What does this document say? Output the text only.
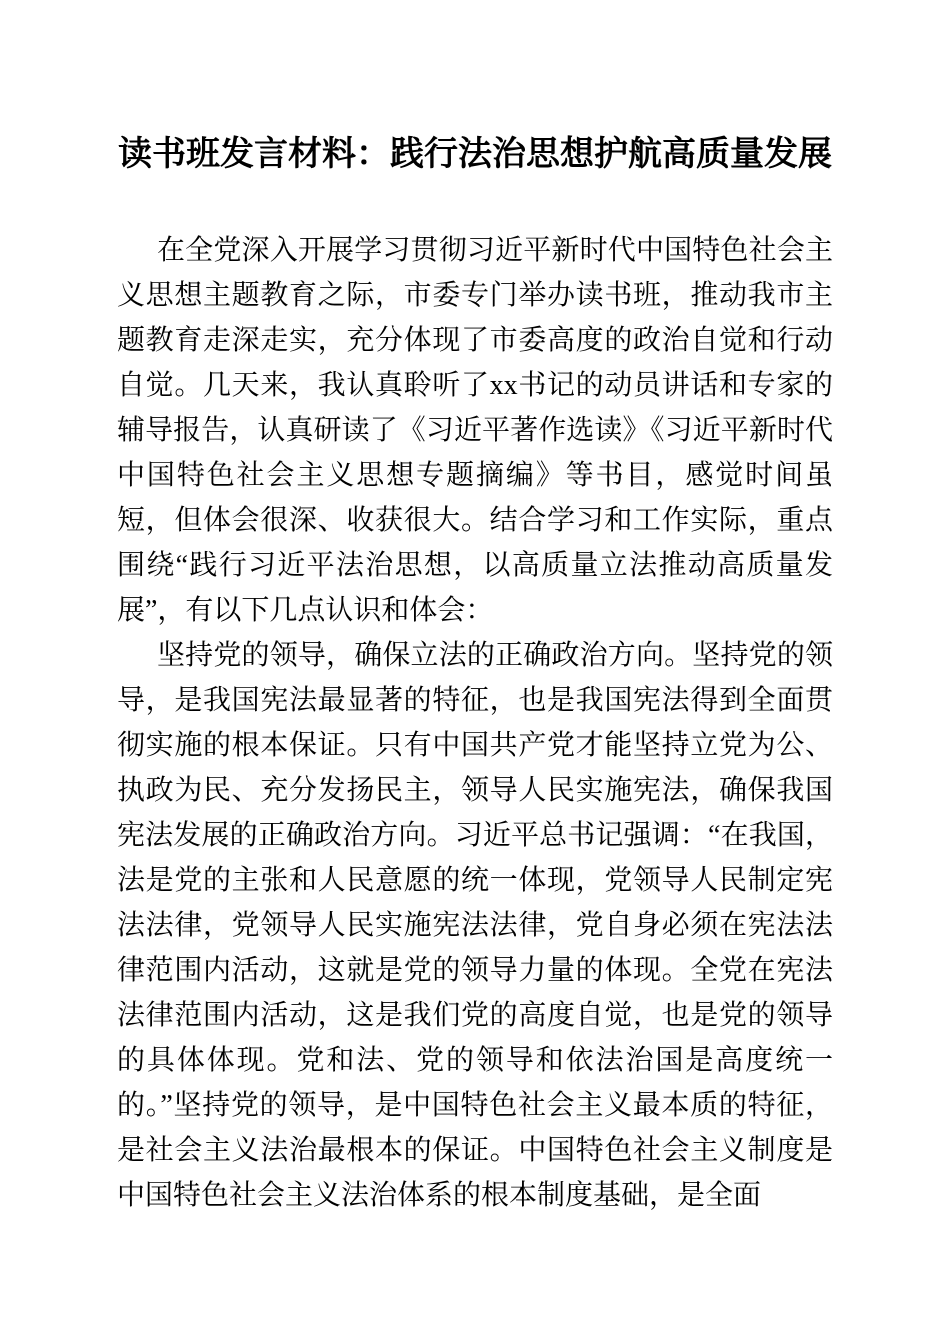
读书班发言材料：践行法治思想护航高质量发展

在全党深入开展学习贯彻习近平新时代中国特色社会主义思想主题教育之际，市委专门举办读书班，推动我市主题教育走深走实，充分体现了市委高度的政治自觉和行动自觉。几天来，我认真聆听了xx书记的动员讲话和专家的辅导报告，认真研读了《习近平著作选读》《习近平新时代中国特色社会主义思想专题摘编》等书目，感觉时间虽短，但体会很深、收获很大。结合学习和工作实际，重点围绕“践行习近平法治思想，以高质量立法推动高质量发展”，有以下几点认识和体会：

坚持党的领导，确保立法的正确政治方向。坚持党的领导，是我国宪法最显著的特征，也是我国宪法得到全面贯彻实施的根本保证。只有中国共产党才能坚持立党为公、执政为民、充分发扬民主，领导人民实施宪法，确保我国宪法发展的正确政治方向。习近平总书记强调：“在我国，法是党的主张和人民意愿的统一体现，党领导人民制定宪法法律，党领导人民实施宪法法律，党自身必须在宪法法律范围内活动，这就是党的领导力量的体现。全党在宪法法律范围内活动，这是我们党的高度自觉，也是党的领导的具体体现。党和法、党的领导和依法治国是高度统一的。”坚持党的领导，是中国特色社会主义最本质的特征，是社会主义法治最根本的保证。中国特色社会主义制度是中国特色社会主义法治体系的根本制度基础，是全面
